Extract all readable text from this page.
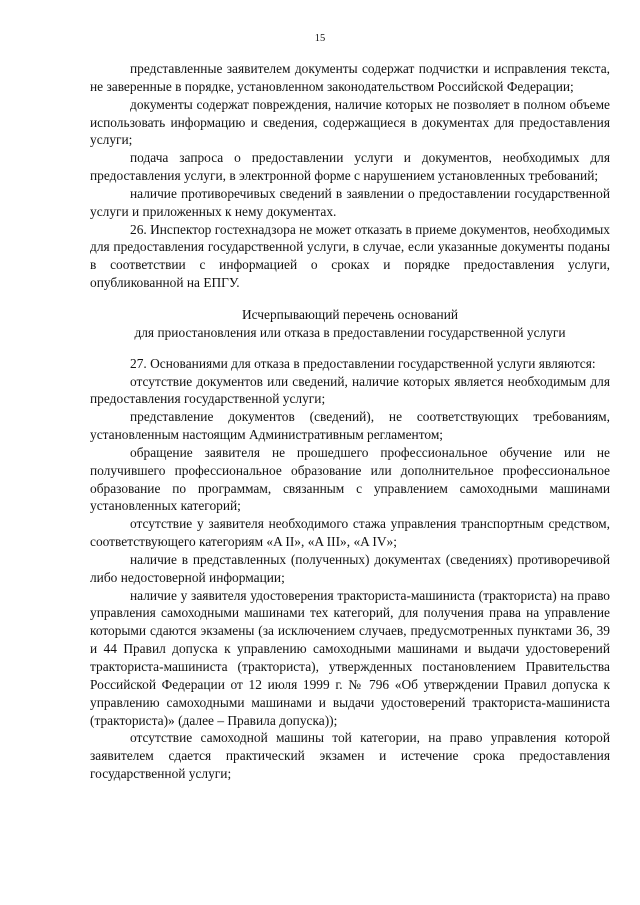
15

представленные заявителем документы содержат подчистки и исправления текста, не заверенные в порядке, установленном законодательством Российской Федерации;

документы содержат повреждения, наличие которых не позволяет в полном объеме использовать информацию и сведения, содержащиеся в документах для предоставления услуги;

подача запроса о предоставлении услуги и документов, необходимых для предоставления услуги, в электронной форме с нарушением установленных требований;

наличие противоречивых сведений в заявлении о предоставлении государственной услуги и приложенных к нему документах.

26. Инспектор гостехнадзора не может отказать в приеме документов, необходимых для предоставления государственной услуги, в случае, если указанные документы поданы в соответствии с информацией о сроках и порядке предоставления услуги, опубликованной на ЕПГУ.

Исчерпывающий перечень оснований
для приостановления или отказа в предоставлении государственной услуги

27. Основаниями для отказа в предоставлении государственной услуги являются:

отсутствие документов или сведений, наличие которых является необходимым для предоставления государственной услуги;

представление документов (сведений), не соответствующих требованиям, установленным настоящим Административным регламентом;

обращение заявителя не прошедшего профессиональное обучение или не получившего профессиональное образование или дополнительное профессиональное образование по программам, связанным с управлением самоходными машинами установленных категорий;

отсутствие у заявителя необходимого стажа управления транспортным средством, соответствующего категориям «A II», «A III», «A IV»;

наличие в представленных (полученных) документах (сведениях) противоречивой либо недостоверной информации;

наличие у заявителя удостоверения тракториста-машиниста (тракториста) на право управления самоходными машинами тех категорий, для получения права на управление которыми сдаются экзамены (за исключением случаев, предусмотренных пунктами 36, 39 и 44 Правил допуска к управлению самоходными машинами и выдачи удостоверений тракториста-машиниста (тракториста), утвержденных постановлением Правительства Российской Федерации от 12 июля 1999 г. № 796 «Об утверждении Правил допуска к управлению самоходными машинами и выдачи удостоверений тракториста-машиниста (тракториста)» (далее – Правила допуска));

отсутствие самоходной машины той категории, на право управления которой заявителем сдается практический экзамен и истечение срока предоставления государственной услуги;
